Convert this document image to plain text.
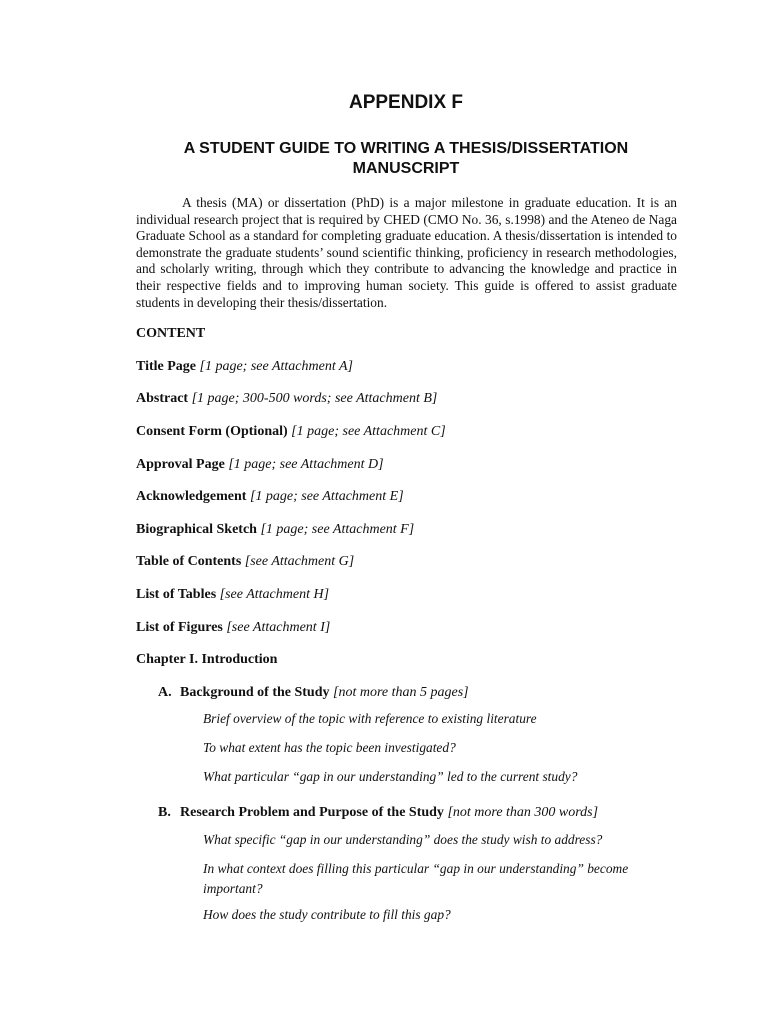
APPENDIX F
A STUDENT GUIDE TO WRITING A THESIS/DISSERTATION MANUSCRIPT

A thesis (MA) or dissertation (PhD) is a major milestone in graduate education. It is an individual research project that is required by CHED (CMO No. 36, s.1998) and the Ateneo de Naga Graduate School as a standard for completing graduate education. A thesis/dissertation is intended to demonstrate the graduate students’ sound scientific thinking, proficiency in research methodologies, and scholarly writing, through which they contribute to advancing the knowledge and practice in their respective fields and to improving human society. This guide is offered to assist graduate students in developing their thesis/dissertation.

CONTENT

Title Page [1 page; see Attachment A]

Abstract [1 page; 300-500 words; see Attachment B]

Consent Form (Optional) [1 page; see Attachment C]

Approval Page [1 page; see Attachment D]

Acknowledgement [1 page; see Attachment E]

Biographical Sketch [1 page; see Attachment F]

Table of Contents [see Attachment G]

List of Tables [see Attachment H]

List of Figures [see Attachment I]

Chapter I. Introduction

A. Background of the Study [not more than 5 pages]
Brief overview of the topic with reference to existing literature
To what extent has the topic been investigated?
What particular “gap in our understanding” led to the current study?
B. Research Problem and Purpose of the Study [not more than 300 words]
What specific “gap in our understanding” does the study wish to address?
In what context does filling this particular “gap in our understanding” become important?
How does the study contribute to fill this gap?
